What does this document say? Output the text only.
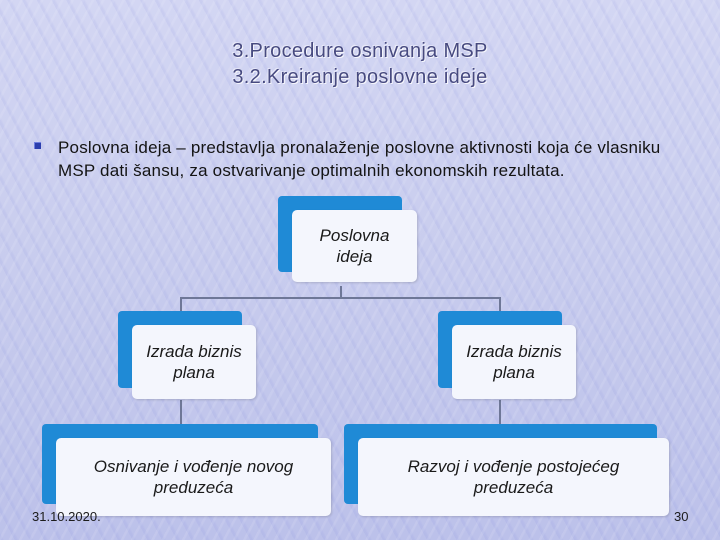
3.Procedure osnivanja MSP
3.2.Kreiranje poslovne ideje
Poslovna ideja – predstavlja pronalaženje poslovne aktivnosti koja će vlasniku MSP dati šansu, za ostvarivanje optimalnih ekonomskih rezultata.
Poslovna ideja
Izrada biznis plana
Izrada biznis plana
Osnivanje i vođenje novog preduzeća
Razvoj i vođenje postojećeg preduzeća
31.10.2020.	30
